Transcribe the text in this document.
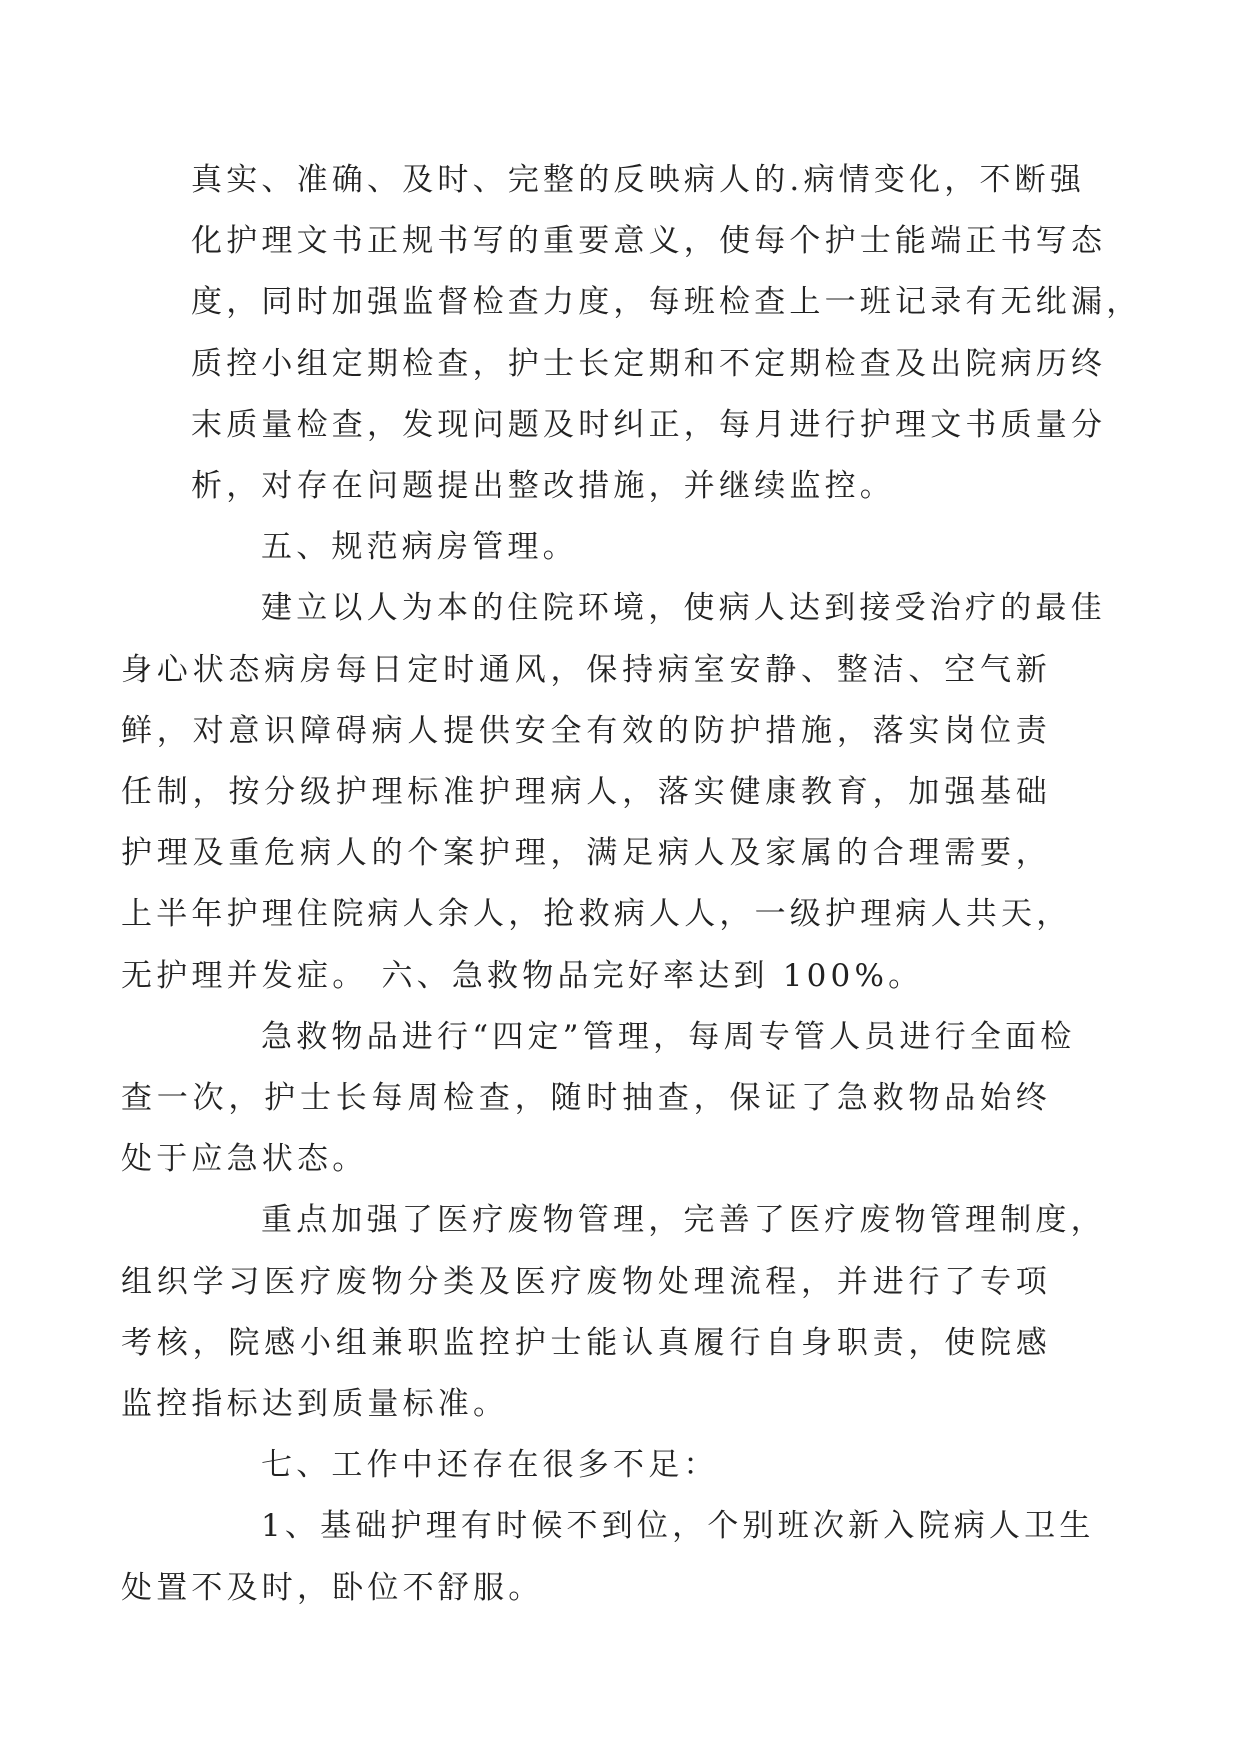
真实、准确、及时、完整的反映病人的.病情变化，不断强
化护理文书正规书写的重要意义，使每个护士能端正书写态
度，同时加强监督检查力度，每班检查上一班记录有无纰漏，
质控小组定期检查，护士长定期和不定期检查及出院病历终
末质量检查，发现问题及时纠正，每月进行护理文书质量分
析，对存在问题提出整改措施，并继续监控。

五、规范病房管理。

建立以人为本的住院环境，使病人达到接受治疗的最佳
身心状态病房每日定时通风，保持病室安静、整洁、空气新
鲜，对意识障碍病人提供安全有效的防护措施，落实岗位责
任制，按分级护理标准护理病人，落实健康教育，加强基础
护理及重危病人的个案护理，满足病人及家属的合理需要，
上半年护理住院病人余人，抢救病人人，一级护理病人共天，
无护理并发症。 六、急救物品完好率达到 100%。

急救物品进行“四定”管理，每周专管人员进行全面检
查一次，护士长每周检查，随时抽查，保证了急救物品始终
处于应急状态。

重点加强了医疗废物管理，完善了医疗废物管理制度，
组织学习医疗废物分类及医疗废物处理流程，并进行了专项
考核，院感小组兼职监控护士能认真履行自身职责，使院感
监控指标达到质量标准。

七、工作中还存在很多不足：

1、基础护理有时候不到位，个别班次新入院病人卫生
处置不及时，卧位不舒服。
